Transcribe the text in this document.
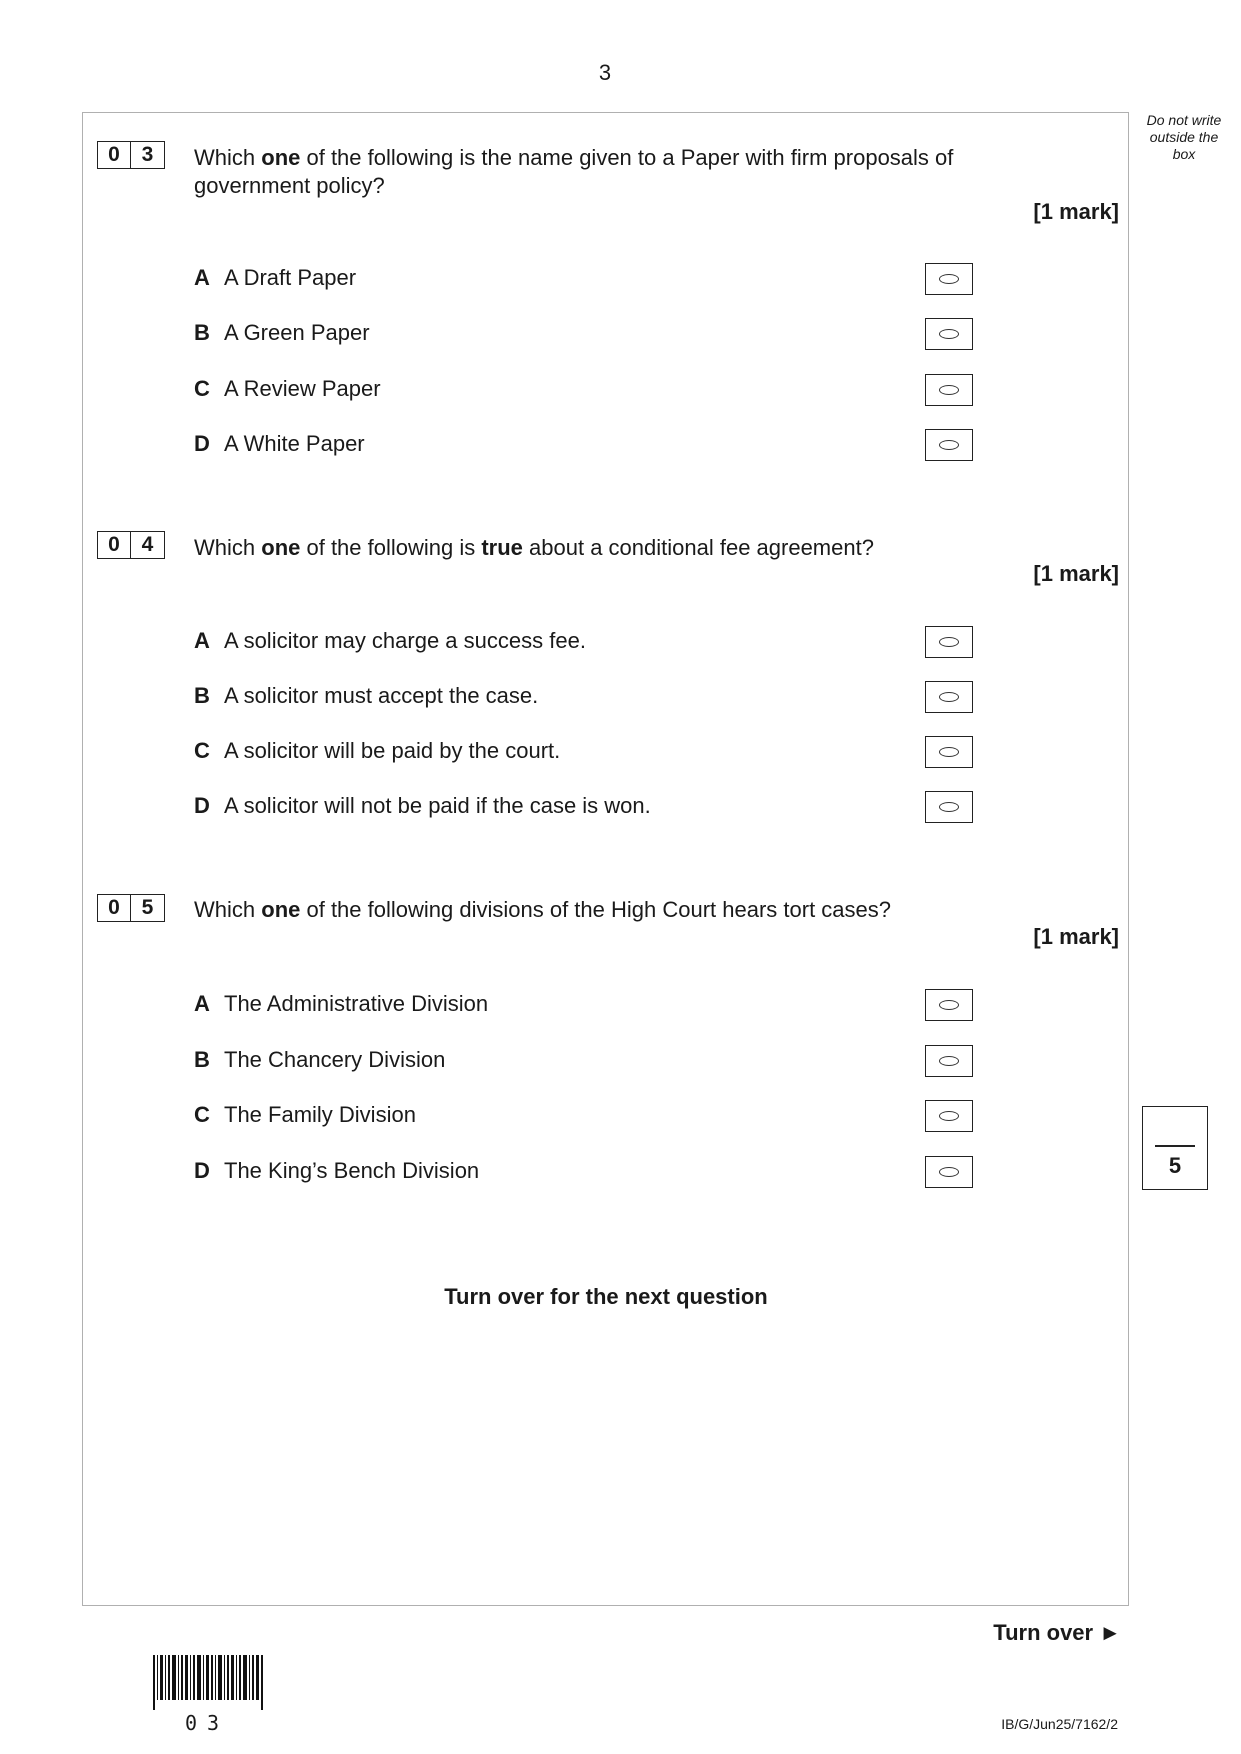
3
Do not write outside the box
0	3	Which one of the following is the name given to a Paper with firm proposals of government policy?
[1 mark]
A A Draft Paper
B A Green Paper
C A Review Paper
D A White Paper
0	4	Which one of the following is true about a conditional fee agreement?
[1 mark]
A A solicitor may charge a success fee.
B A solicitor must accept the case.
C A solicitor will be paid by the court.
D A solicitor will not be paid if the case is won.
0	5	Which one of the following divisions of the High Court hears tort cases?
[1 mark]
A The Administrative Division
B The Chancery Division
C The Family Division
D The King’s Bench Division
Turn over for the next question
5
Turn over ►
03	IB/G/Jun25/7162/2
